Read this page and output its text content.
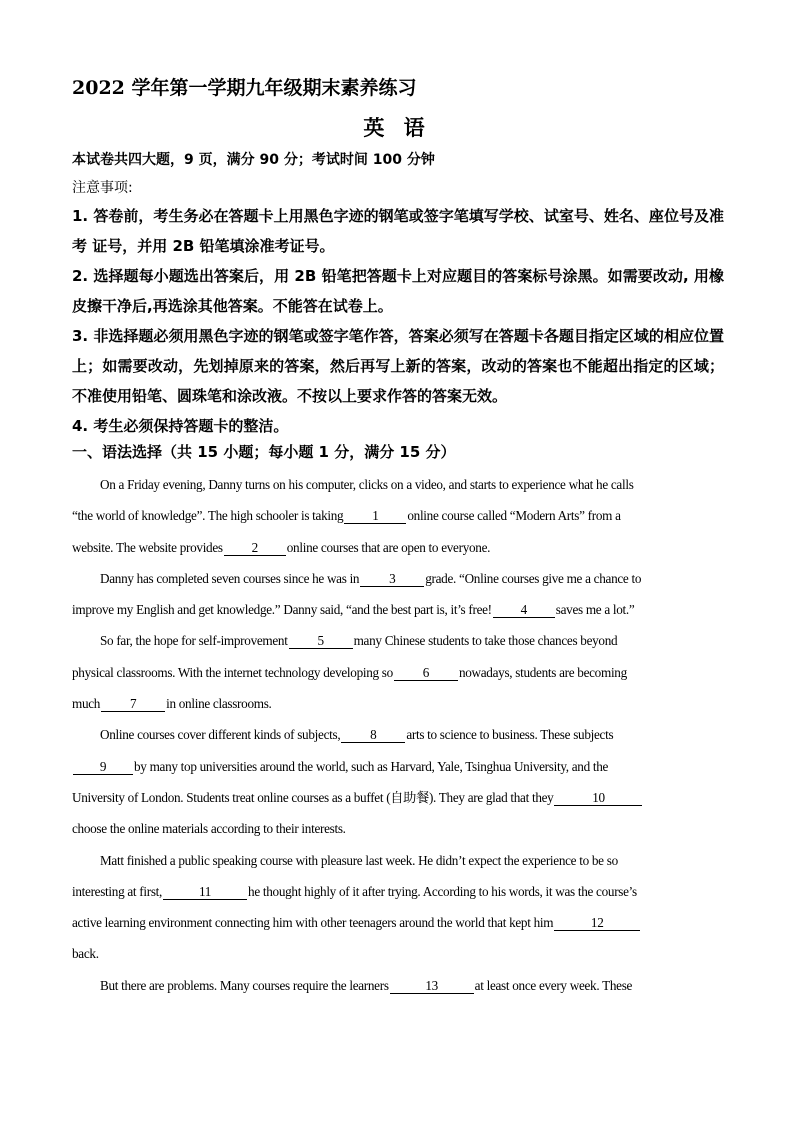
2022 学年第一学期九年级期末素养练习
英 语
本试卷共四大题，9 页，满分 90 分；考试时间 100 分钟
注意事项:

1. 答卷前，考生务必在答题卡上用黑色字迹的钢笔或签字笔填写学校、试室号、姓名、座位号及准考 证号，并用 2B 铅笔填涂准考证号。

2. 选择题每小题选出答案后，用 2B 铅笔把答题卡上对应题目的答案标号涂黑。如需要改动, 用橡 皮擦干净后,再选涂其他答案。不能答在试卷上。

3. 非选择题必须用黑色字迹的钢笔或签字笔作答，答案必须写在答题卡各题目指定区域的相应位置上；如需要改动，先划掉原来的答案，然后再写上新的答案，改动的答案也不能超出指定的区域；不准使用铅笔、圆珠笔和涂改液。不按以上要求作答的答案无效。

4. 考生必须保持答题卡的整洁。

一、语法选择（共 15 小题；每小题 1 分，满分 15 分）
On a Friday evening, Danny turns on his computer, clicks on a video, and starts to experience what he calls
“the world of knowledge”. The high schooler is taking 1 online course called “Modern Arts” from a
website. The website provides 2 online courses that are open to everyone.
Danny has completed seven courses since he was in 3 grade. “Online courses give me a chance to
improve my English and get knowledge.” Danny said, “and the best part is, it’s free! 4 saves me a lot.”
So far, the hope for self-improvement 5 many Chinese students to take those chances beyond
physical classrooms. With the internet technology developing so 6 nowadays, students are becoming
much 7 in online classrooms.
Online courses cover different kinds of subjects, 8 arts to science to business. These subjects
9 by many top universities around the world, such as Harvard, Yale, Tsinghua University, and the
University of London. Students treat online courses as a buffet (自助餐). They are glad that they	10
choose the online materials according to their interests.
Matt finished a public speaking course with pleasure last week. He didn’t expect the experience to be so
interesting at first,	11	he thought highly of it after trying. According to his words, it was the course’s
active learning environment connecting him with other teenagers around the world that kept him	12
back.
But there are problems. Many courses require the learners	13	at least once every week. These
